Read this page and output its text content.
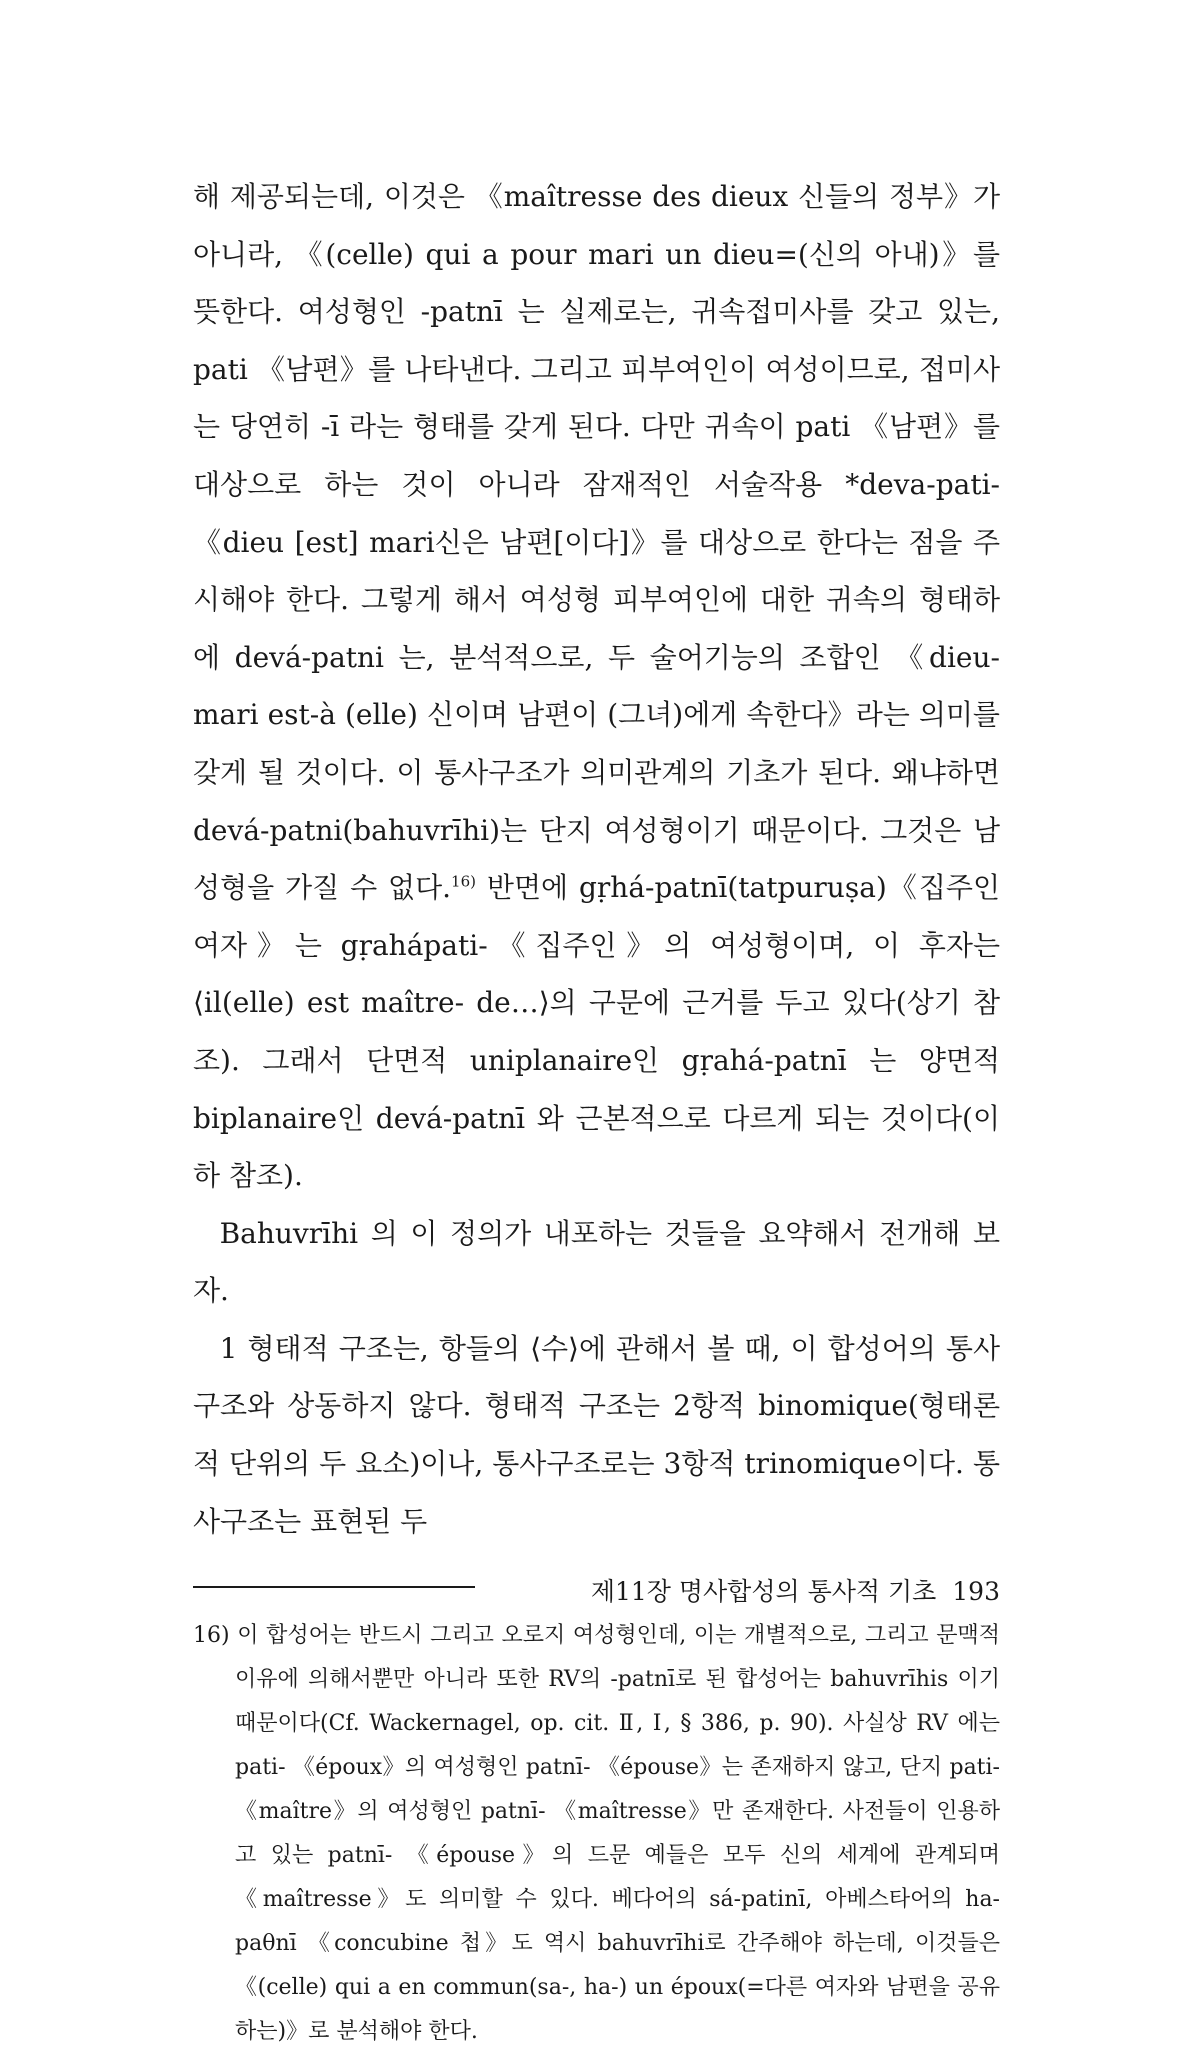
해 제공되는데, 이것은 《maîtresse des dieux 신들의 정부》가 아니라, 《(celle) qui a pour mari un dieu=(신의 아내)》를 뜻한다. 여성형인 -patnī 는 실제로는, 귀속접미사를 갖고 있는, pati 《남편》를 나타낸다. 그리고 피부여인이 여성이므로, 접미사는 당연히 -ī 라는 형태를 갖게 된다. 다만 귀속이 pati 《남편》를 대상으로 하는 것이 아니라 잠재적인 서술작용 *deva-pati-《dieu [est] mari신은 남편[이다]》를 대상으로 한다는 점을 주시해야 한다. 그렇게 해서 여성형 피부여인에 대한 귀속의 형태하에 devá-patni 는, 분석적으로, 두 술어기능의 조합인 《dieu-mari est-à (elle) 신이며 남편이 (그녀)에게 속한다》라는 의미를 갖게 될 것이다. 이 통사구조가 의미관계의 기초가 된다. 왜냐하면 devá-patni(bahuvrīhi)는 단지 여성형이기 때문이다. 그것은 남성형을 가질 수 없다.$^{16)}$ 반면에 gṛhá-patnī(tatpuruṣa)《집주인 여자》는 gṛahápati-《집주인》의 여성형이며, 이 후자는 ⟨il(elle) est maître- de…⟩의 구문에 근거를 두고 있다(상기 참조). 그래서 단면적 uniplanaire인 gṛahá-patnī 는 양면적 biplanaire인 devá-patnī 와 근본적으로 다르게 되는 것이다(이하 참조).

Bahuvrīhi 의 이 정의가 내포하는 것들을 요약해서 전개해 보자.

1 형태적 구조는, 항들의 ⟨수⟩에 관해서 볼 때, 이 합성어의 통사구조와 상동하지 않다. 형태적 구조는 2항적 binomique(형태론적 단위의 두 요소)이나, 통사구조로는 3항적 trinomique이다. 통사구조는 표현된 두

16) 이 합성어는 반드시 그리고 오로지 여성형인데, 이는 개별적으로, 그리고 문맥적 이유에 의해서뿐만 아니라 또한 RV의 -patnī로 된 합성어는 bahuvrīhis 이기 때문이다(Cf. Wackernagel, op. cit. Ⅱ, Ⅰ, § 386, p. 90). 사실상 RV 에는 pati- 《époux》의 여성형인 patnī- 《épouse》는 존재하지 않고, 단지 pati- 《maître》의 여성형인 patnī- 《maîtresse》만 존재한다. 사전들이 인용하고 있는 patnī- 《épouse》의 드문 예들은 모두 신의 세계에 관계되며 《maîtresse》도 의미할 수 있다. 베다어의 sá-patinī, 아베스타어의 ha-paθnī 《concubine 첩》도 역시 bahuvrīhi로 간주해야 하는데, 이것들은 《(celle) qui a en commun(sa-, ha-) un époux(=다른 여자와 남편을 공유하는)》로 분석해야 한다.

제11장 명사합성의 통사적 기초 193
